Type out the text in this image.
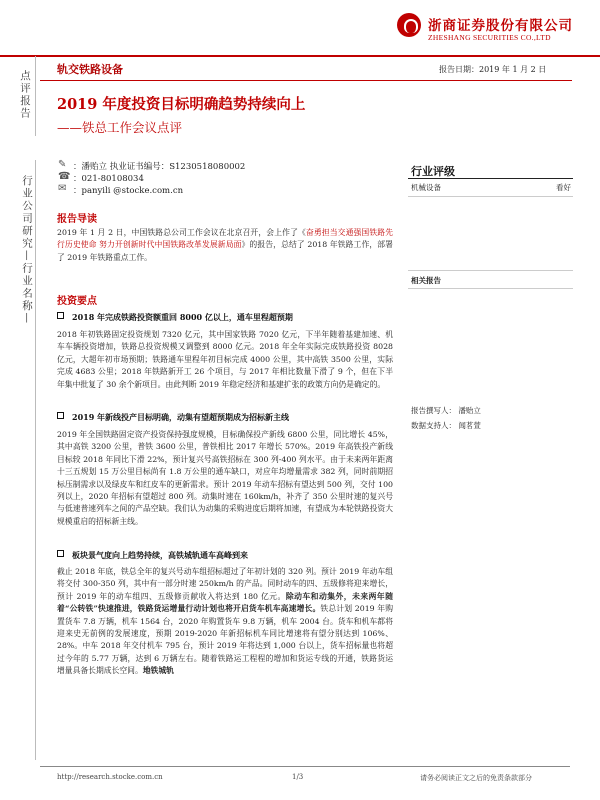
浙商证券股份有限公司
ZHESHANG SECURITIES CO.,LTD
轨交铁路设备	报告日期：2019 年 1 月 2 日
点评报告
行业公司研究—行业名称—
2019 年度投资目标明确趋势持续向上
——铁总工作会议点评
✎ ：潘贻立 执业证书编号：S1230518080002
☎ ：021-80108034
✉ ：panyili @stocke.com.cn
行业评级
机械设备	看好
相关报告
报告撰写人： 潘贻立
数据支持人： 闻茗萱
报告导读
2019 年 1 月 2 日，中国铁路总公司工作会议在北京召开，会上作了《奋勇担当交通强国铁路先行历史使命 努力开创新时代中国铁路改革发展新局面》的报告，总结了 2018 年铁路工作，部署了 2019 年铁路重点工作。
投资要点
2018 年完成铁路投资额重回 8000 亿以上，通车里程超预期
2018 年初铁路固定投资规划 7320 亿元，其中国家铁路 7020 亿元，下半年随着基建加速、机车车辆投资增加，铁路总投资规模又调整到 8000 亿元。2018 年全年实际完成铁路投资 8028 亿元，大超年初市场预期；铁路通车里程年初目标完成 4000 公里，其中高铁 3500 公里，实际完成 4683 公里；2018 年铁路新开工 26 个项目，与 2017 年相比数量下滑了 9 个，但在下半年集中批复了 30 余个新项目。由此判断 2019 年稳定经济和基建扩张的政策方向仍是确定的。
2019 年新线投产目标明确，动集有望超预期成为招标新主线
2019 年全国铁路固定资产投资保持强度规模，目标确保投产新线 6800 公里，同比增长 45%，其中高铁 3200 公里，普铁 3600 公里，普铁相比 2017 年增长 570%。2019 年高铁投产新线目标较 2018 年同比下滑 22%，预计复兴号高铁招标在 300 列-400 列水平。由于未来两年距离十三五规划 15 万公里目标尚有 1.8 万公里的通车缺口，对应年均增量需求 382 列，同时前期招标压制需求以及绿皮车和红皮车的更新需求。预计 2019 年动车招标有望达到 500 列，交付 100 列以上，2020 年招标有望超过 800 列。动集时速在 160km/h，补齐了 350 公里时速的复兴号与低速普速列车之间的产品空缺。我们认为动集的采购进度后期将加速，有望成为本轮铁路投资大规模重启的招标新主线。
板块景气度向上趋势持续，高铁城轨通车高峰到来
截止 2018 年底，铁总全年的复兴号动车组招标超过了年初计划的 320 列。预计 2019 年动车组将交付 300-350 列，其中有一部分时速 250km/h 的产品。同时动车的四、五级修将迎来增长，预计 2019 年的动车组四、五级修贡献收入将达到 180 亿元。除动车和动集外，未来两年随着“公转铁”快速推进，铁路货运增量行动计划也将开启货车机车高速增长。铁总计划 2019 年购置货车 7.8 万辆，机车 1564 台，2020 年购置货车 9.8 万辆，机车 2004 台。货车和机车都将迎来史无前例的发展速度，预期 2019-2020 年新招标机车同比增速将有望分别达到 106%、28%。中车 2018 年交付机车 795 台，预计 2019 年将达到 1,000 台以上，货车招标量也将超过今年的 5.77 万辆，达到 6 万辆左右。随着铁路运工程程的增加和货运专线的开通，铁路货运增量具备长期成长空间。地铁城轨
http://research.stocke.com.cn	1/3	请务必阅读正文之后的免责条款部分
